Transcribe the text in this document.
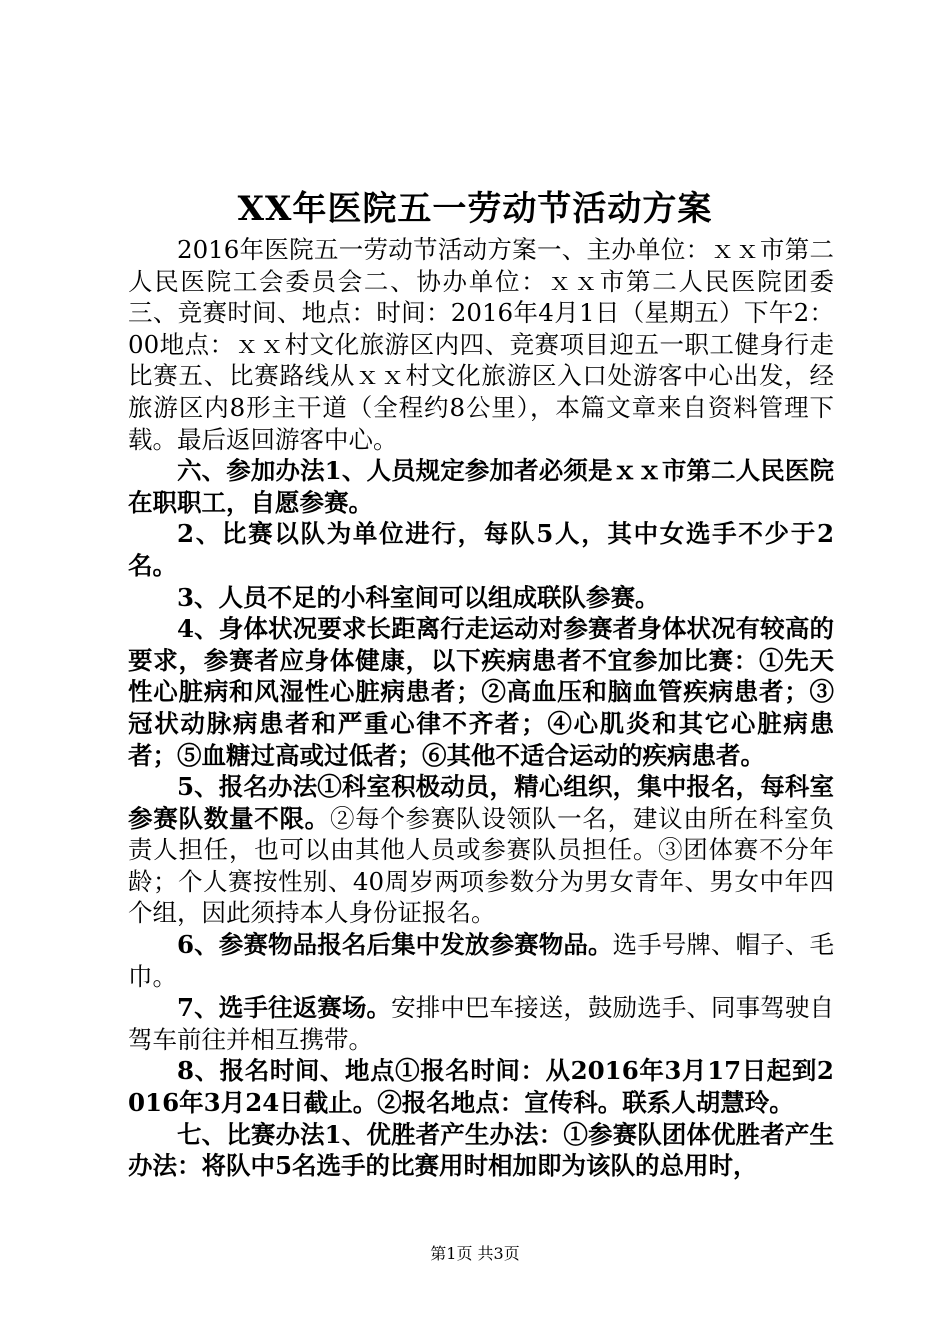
XX年医院五一劳动节活动方案

2016年医院五一劳动节活动方案一、主办单位：ｘｘ市第二人民医院工会委员会二、协办单位：ｘｘ市第二人民医院团委三、竞赛时间、地点：时间：2016年4月1日（星期五）下午2：00地点：ｘｘ村文化旅游区内四、竞赛项目迎五一职工健身行走比赛五、比赛路线从ｘｘ村文化旅游区入口处游客中心出发，经旅游区内8形主干道（全程约8公里），本篇文章来自资料管理下载。最后返回游客中心。

六、参加办法1、人员规定参加者必须是ｘｘ市第二人民医院在职职工，自愿参赛。

2、比赛以队为单位进行，每队5人，其中女选手不少于2名。

3、人员不足的小科室间可以组成联队参赛。

4、身体状况要求长距离行走运动对参赛者身体状况有较高的要求，参赛者应身体健康，以下疾病患者不宜参加比赛：①先天性心脏病和风湿性心脏病患者；②高血压和脑血管疾病患者；③冠状动脉病患者和严重心律不齐者；④心肌炎和其它心脏病患者；⑤血糖过高或过低者；⑥其他不适合运动的疾病患者。

5、报名办法①科室积极动员，精心组织，集中报名，每科室参赛队数量不限。②每个参赛队设领队一名，建议由所在科室负责人担任，也可以由其他人员或参赛队员担任。③团体赛不分年龄；个人赛按性别、40周岁两项参数分为男女青年、男女中年四个组，因此须持本人身份证报名。

6、参赛物品报名后集中发放参赛物品。选手号牌、帽子、毛巾。

7、选手往返赛场。安排中巴车接送，鼓励选手、同事驾驶自驾车前往并相互携带。

8、报名时间、地点①报名时间：从2016年3月17日起到2016年3月24日截止。②报名地点：宣传科。联系人胡慧玲。

七、比赛办法1、优胜者产生办法：①参赛队团体优胜者产生办法：将队中5名选手的比赛用时相加即为该队的总用时，

第1页 共3页
